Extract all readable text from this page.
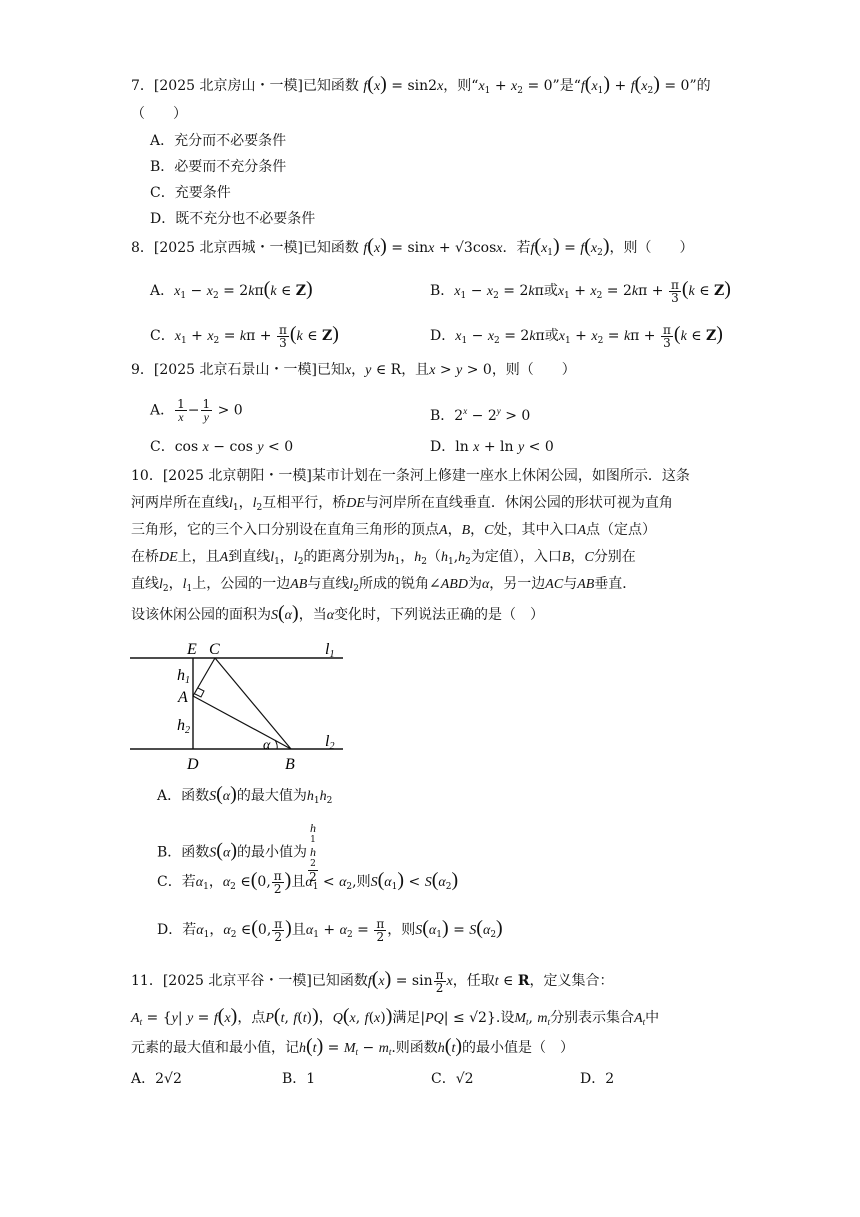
7．[2025 北京房山・一模]已知函数 f(x) = sin2x，则“$x_1 + x_2 = 0$”是“$f(x_1) + f(x_2) = 0$”的
（　　）
A．充分而不必要条件
B．必要而不充分条件
C．充要条件
D．既不充分也不必要条件
8．[2025 北京西城・一模]已知函数 f(x) = sinx + √3cosx．若$f(x_1) = f(x_2)$，则（　　）
A．$x_1 - x_2 = 2k\pi(k$ ∈ Z)	B．$x_1 - x_2 = 2k\pi$或$x_1 + x_2 = 2k\pi + \frac{\pi}{3} (k$ ∈ Z)
C．$x_1 + x_2 = k\pi + \frac{\pi}{3} (k$ ∈ Z)	D．$x_1 - x_2 = 2k\pi$或$x_1 + x_2 = k\pi + \frac{\pi}{3} (k$ ∈ Z)
9．[2025 北京石景山・一模]已知x，y ∈ R，且x > y > 0，则（　　）
A． $\frac{1}{x} - \frac{1}{y} > 0$	B．$2^x - 2^y > 0$
C．cos x − cos y < 0	D．ln x + ln y < 0
10．[2025 北京朝阳・一模]某市计划在一条河上修建一座水上休闲公园，如图所示．这条
河两岸所在直线$l_1$，$l_2$互相平行，桥DE与河岸所在直线垂直．休闲公园的形状可视为直角
三角形，它的三个入口分别设在直角三角形的顶点A，B，C处，其中入口A点（定点）
在桥DE上，且A到直线$l_1$，$l_2$的距离分别为$h_1$，$h_2(h_1,h_2$为定值），入口B，C分别在
直线$l_2$，$l_1$上，公园的一边AB与直线$l_2$所成的锐角∠ABD为α，另一边AC与AB垂直．
设该休闲公园的面积为S(α)，当α变化时，下列说法正确的是（　）
E C	l1
h1
A
h2
D	B
α	l2
A．函数S(α)的最大值为$h_1h_2$
B．函数S(α)的最小值为 h
1
h
2
2
C．若$\alpha_1$，$\alpha_2$ ∈(0, $\frac{\pi}{2}$ )且$\alpha_1 < \alpha_2$,则$S(\alpha_1) < S(\alpha_2)$
D．若$\alpha_1$，$\alpha_2$ ∈(0, $\frac{\pi}{2}$ )且$\alpha_1 + \alpha_2 = \frac{\pi}{2}$ ，则$S(\alpha_1) = S(\alpha_2)$
11．[2025 北京平谷・一模]已知函数$f(x) = \sin \frac{\pi}{2}$ x，任取t ∈ R，定义集合：
$A_t = \{y|$ y = f(x)，点P(t, f(t))，Q(x, f(x))满足|PQ| ≤ √2}.设$M_t$, $m_t$分别表示集合$A_t$中
元素的最大值和最小值，记$h(t) = M_t - m_t$.则函数h(t)的最小值是（　）
A．2√2	B．1	C．√2	D．2
